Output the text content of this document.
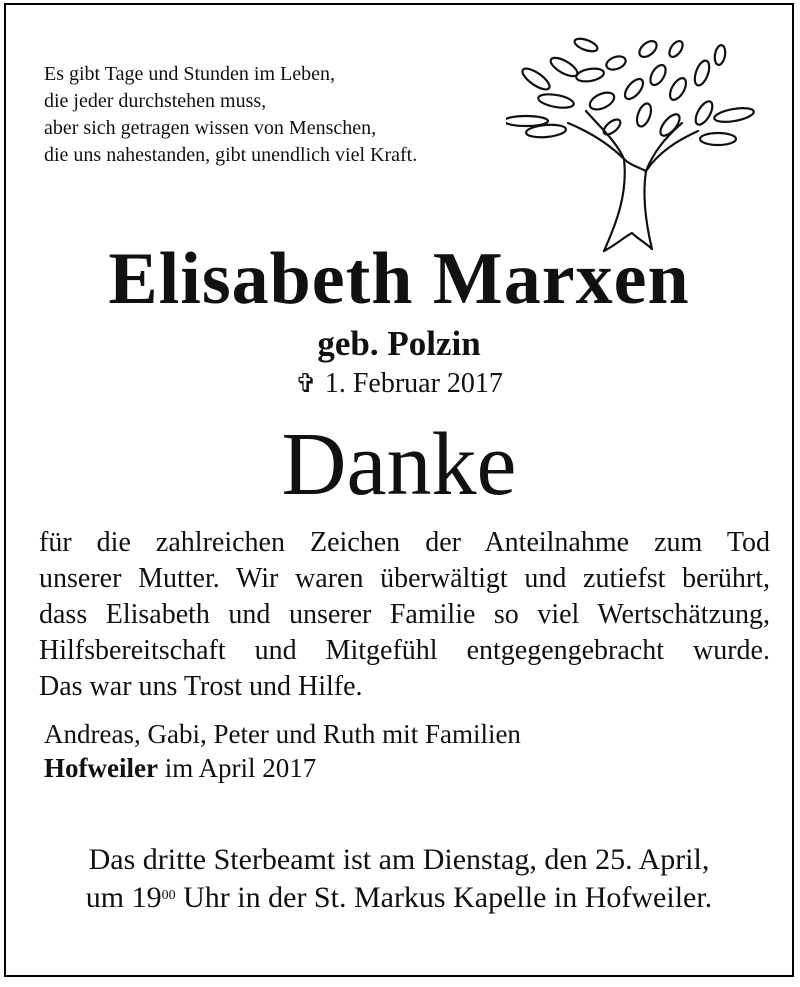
Es gibt Tage und Stunden im Leben,
die jeder durchstehen muss,
aber sich getragen wissen von Menschen,
die uns nahestanden, gibt unendlich viel Kraft.
Elisabeth Marxen
geb. Polzin
✞ 1. Februar 2017
Danke
für die zahlreichen Zeichen der Anteilnahme zum Tod
unserer Mutter. Wir waren überwältigt und zutiefst berührt,
dass Elisabeth und unserer Familie so viel Wertschätzung,
Hilfsbereitschaft und Mitgefühl entgegengebracht wurde.
Das war uns Trost und Hilfe.
Andreas, Gabi, Peter und Ruth mit Familien
Hofweiler im April 2017
Das dritte Sterbeamt ist am Dienstag, den 25. April,
um $19^{00}$ Uhr in der St. Markus Kapelle in Hofweiler.
